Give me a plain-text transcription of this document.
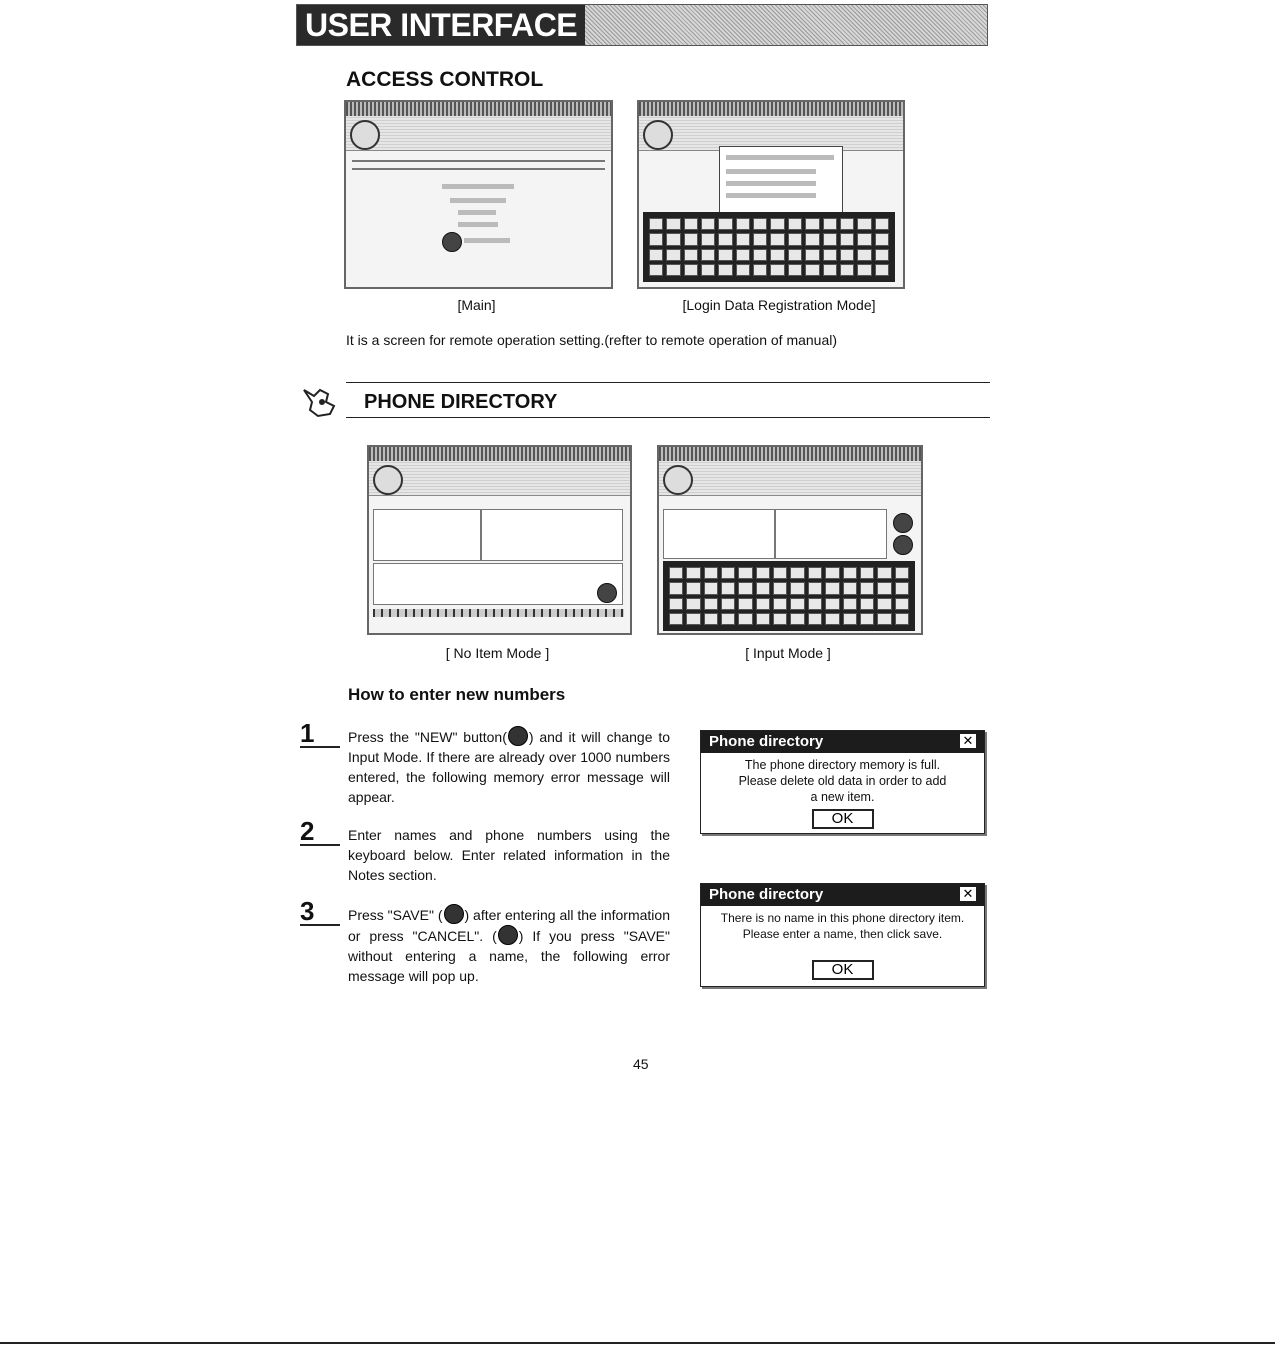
USER INTERFACE
ACCESS CONTROL
[Main]	[Login Data Registration Mode]
It is a screen for remote operation setting.(refter to remote operation of manual)
PHONE DIRECTORY
[ No Item Mode ]	[ Input Mode ]
How to enter new numbers
1	Press the "NEW" button( ) and it will change to Input Mode. If there are already over 1000 numbers entered, the following memory error message will appear.
2	Enter names and phone numbers using the keyboard below. Enter related information in the Notes section.
3	Press "SAVE" ( ) after entering all the information or press "CANCEL". ( ) If you press "SAVE" without entering a name, the following error message will pop up.
Phone directory	✕
The phone directory memory is full.
Please delete old data in order to add
a new item.
OK
Phone directory	✕
There is no name in this phone directory item.
Please enter a name, then click save.
OK
45
